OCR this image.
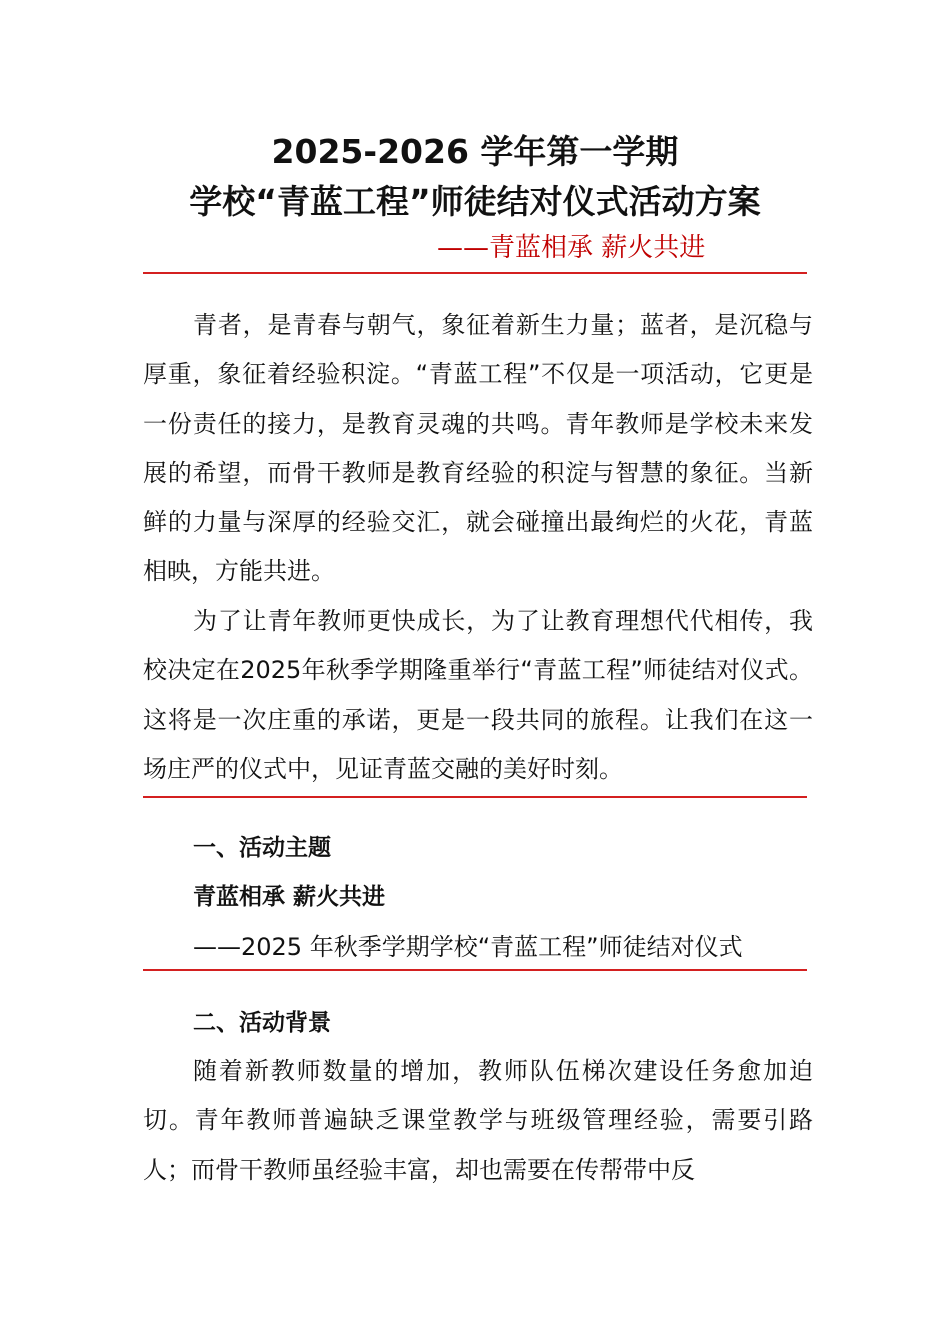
2025-2026 学年第一学期
学校“青蓝工程”师徒结对仪式活动方案
——青蓝相承 薪火共进

青者，是青春与朝气，象征着新生力量；蓝者，是沉稳与厚重，象征着经验积淀。“青蓝工程”不仅是一项活动，它更是一份责任的接力，是教育灵魂的共鸣。青年教师是学校未来发展的希望，而骨干教师是教育经验的积淀与智慧的象征。当新鲜的力量与深厚的经验交汇，就会碰撞出最绚烂的火花，青蓝相映，方能共进。

为了让青年教师更快成长，为了让教育理想代代相传，我校决定在2025年秋季学期隆重举行“青蓝工程”师徒结对仪式。这将是一次庄重的承诺，更是一段共同的旅程。让我们在这一场庄严的仪式中，见证青蓝交融的美好时刻。

一、活动主题
青蓝相承 薪火共进
——2025 年秋季学期学校“青蓝工程”师徒结对仪式
二、活动背景

随着新教师数量的增加，教师队伍梯次建设任务愈加迫切。青年教师普遍缺乏课堂教学与班级管理经验，需要引路人；而骨干教师虽经验丰富，却也需要在传帮带中反
